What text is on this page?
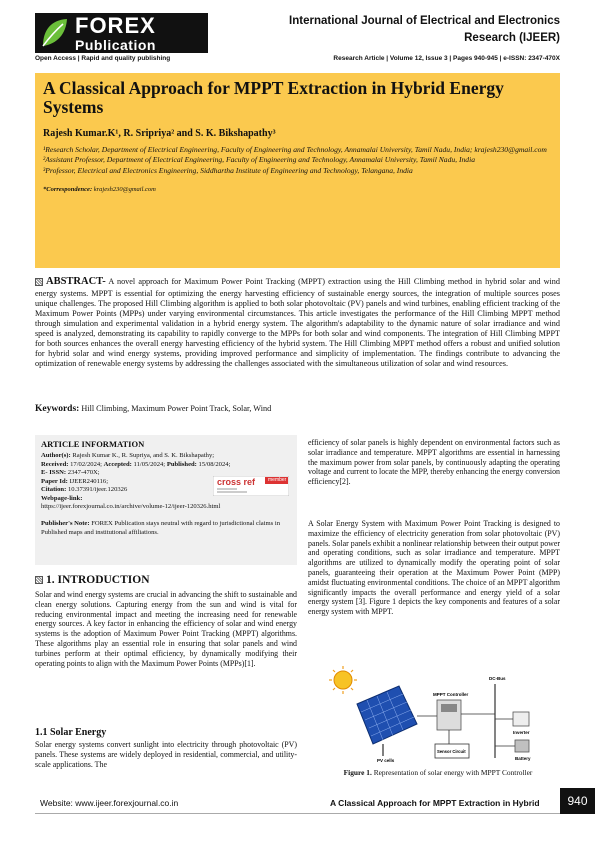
FOREX
Publication
Open Access | Rapid and quality publishing
International Journal of Electrical and Electronics Research (IJEER)
Research Article | Volume 12, Issue 3 | Pages 940-945 | e-ISSN: 2347-470X
A Classical Approach for MPPT Extraction in Hybrid Energy Systems
Rajesh Kumar.K¹, R. Sripriya² and S. K. Bikshapathy³

¹Research Scholar, Department of Electrical Engineering, Faculty of Engineering and Technology, Annamalai University, Tamil Nadu, India; krajesh230@gmail.com

²Assistant Professor, Department of Electrical Engineering, Faculty of Engineering and Technology, Annamalai University, Tamil Nadu, India

³Professor, Electrical and Electronics Engineering, Siddhartha Institute of Engineering and Technology, Telangana, India

*Correspondence: krajesh230@gmail.com
ABSTRACT- A novel approach for Maximum Power Point Tracking (MPPT) extraction using the Hill Climbing method in hybrid solar and wind energy systems. MPPT is essential for optimizing the energy harvesting efficiency of sustainable energy sources, the integration of multiple sources poses unique challenges. The proposed Hill Climbing algorithm is applied to both solar photovoltaic (PV) panels and wind turbines, enabling efficient tracking of the Maximum Power Points (MPPs) under varying environmental circumstances. This article investigates the performance of the Hill Climbing MPPT method through simulation and experimental validation in a hybrid energy system. The algorithm's adaptability to the dynamic nature of solar irradiance and wind speed is analyzed, demonstrating its capability to rapidly converge to the MPPs for both solar and wind components. The integration of Hill Climbing MPPT for both sources enhances the overall energy harvesting efficiency of the hybrid system. The Hill Climbing MPPT method offers a robust and unified solution for hybrid solar and wind energy systems, providing improved performance and simplicity of implementation. The findings contribute to advancing the optimization of renewable energy systems by addressing the challenges associated with the simultaneous utilization of solar and wind resources.
Keywords: Hill Climbing, Maximum Power Point Track, Solar, Wind
ARTICLE INFORMATION
Author(s): Rajesh Kumar K., R. Supriya, and S. K. Bikshapathy;
Received: 17/02/2024; Accepted: 11/05/2024; Published: 15/08/2024;
E- ISSN: 2347-470X;
Paper Id: IJEER240116;
Citation: 10.37391/ijeer.120326
Webpage-link:
https://ijeer.forexjournal.co.in/archive/volume-12/ijeer-120326.html
cross ref	member
Publisher's Note: FOREX Publication stays neutral with regard to jurisdictional claims in Published maps and institutional affiliations.
1. INTRODUCTION
Solar and wind energy systems are crucial in advancing the shift to sustainable and clean energy solutions. Capturing energy from the sun and wind is vital for reducing environmental impact and meeting the increasing need for renewable energy sources. A key factor in enhancing the efficiency of solar and wind energy systems is the adoption of Maximum Power Point Tracking (MPPT) algorithms. These algorithms play an essential role in ensuring that solar panels and wind turbines perform at their optimal efficiency, by dynamically modifying their operating points to align with the Maximum Power Points (MPPs)[1].
1.1 Solar Energy
Solar energy systems convert sunlight into electricity through photovoltaic (PV) panels. These systems are widely deployed in residential, commercial, and utility-scale applications. The
efficiency of solar panels is highly dependent on environmental factors such as solar irradiance and temperature. MPPT algorithms are essential in harnessing the maximum power from solar panels, by continuously adapting the operating voltage and current to locate the MPP, thereby enhancing the energy conversion efficiency[2].
A Solar Energy System with Maximum Power Point Tracking is designed to maximize the efficiency of electricity generation from solar photovoltaic (PV) panels. Solar panels exhibit a nonlinear relationship between their output power and operating conditions, such as solar irradiance and temperature. MPPT algorithms are utilized to dynamically modify the operating point of solar panels, guaranteeing their operation at the Maximum Power Point (MPP) amidst fluctuating environmental conditions. The choice of an MPPT algorithm significantly impacts the overall performance and energy yield of a solar energy system [3]. Figure 1 depicts the key components and features of a solar energy system with MPPT.
PV cells
MPPT Controller
DC-Bus
Inverter
Sensor Circuit
Battery
Figure 1. Representation of solar energy with MPPT Controller
Website: www.ijeer.forexjournal.co.in	A Classical Approach for MPPT Extraction in Hybrid	940
